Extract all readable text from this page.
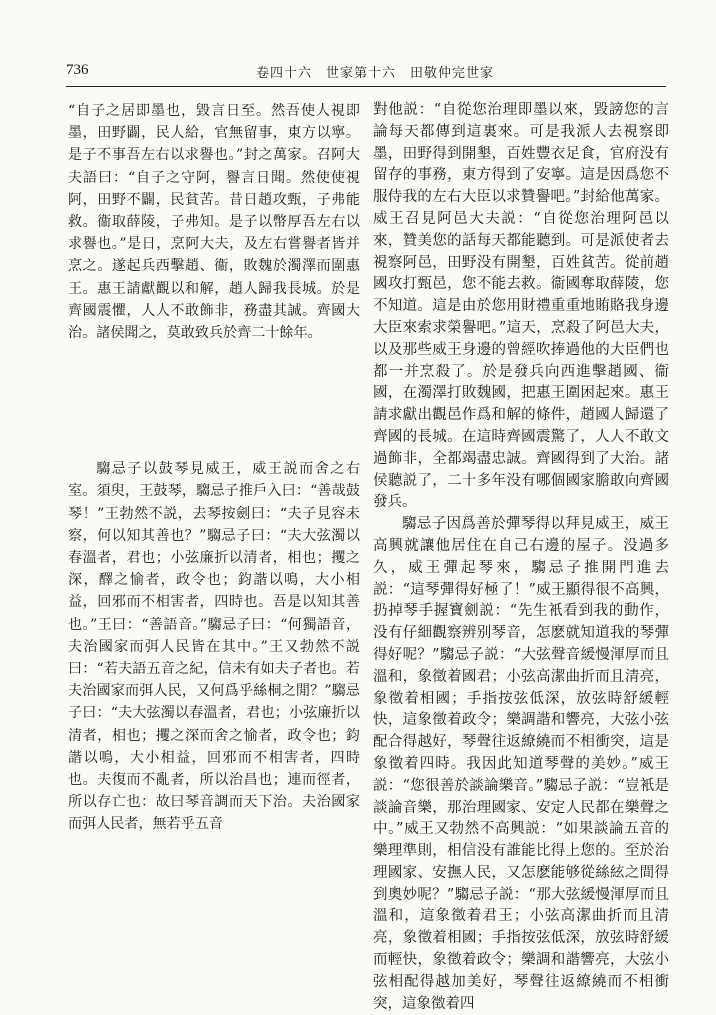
736	卷四十六　世家第十六　田敬仲完世家

“自子之居即墨也，毀言日至。然吾使人視即墨，田野闢，民人給，官無留事，東方以寧。是子不事吾左右以求譽也。”封之萬家。召阿大夫語曰：“自子之守阿，譽言日聞。然使使視阿，田野不闢，民貧苦。昔日趙攻甄，子弗能救。衞取薛陵，子弗知。是子以幣厚吾左右以求譽也。”是日，烹阿大夫，及左右嘗譽者皆并烹之。遂起兵西擊趙、衞，敗魏於濁澤而圍惠王。惠王請獻觀以和解，趙人歸我長城。於是齊國震懼，人人不敢飾非，務盡其誠。齊國大治。諸侯聞之，莫敢致兵於齊二十餘年。

騶忌子以鼓琴見威王，威王説而舍之右室。須臾，王鼓琴，騶忌子推戶入曰：“善哉鼓琴！”王勃然不説，去琴按劍曰：“夫子見容未察，何以知其善也？”騶忌子曰：“夫大弦濁以春溫者，君也；小弦廉折以清者，相也；攫之深，醳之愉者，政令也；鈞諧以鳴，大小相益，回邪而不相害者，四時也。吾是以知其善也。”王曰：“善語音。”騶忌子曰：“何獨語音，夫治國家而弭人民皆在其中。”王又勃然不説曰：“若夫語五音之紀，信未有如夫子者也。若夫治國家而弭人民，又何爲乎絲桐之閒？”騶忌子曰：“夫大弦濁以春溫者，君也；小弦廉折以清者，相也；攫之深而舍之愉者，政令也；鈞諧以鳴，大小相益，回邪而不相害者，四時也。夫復而不亂者，所以治昌也；連而徑者，所以存亡也：故曰琴音調而天下治。夫治國家而弭人民者，無若乎五音

對他説：“自從您治理即墨以來，毀謗您的言論每天都傳到這裏來。可是我派人去視察即墨，田野得到開墾，百姓豐衣足食，官府没有留存的事務，東方得到了安寧。這是因爲您不服侍我的左右大臣以求贊譽吧。”封給他萬家。威王召見阿邑大夫説：“自從您治理阿邑以來，贊美您的話每天都能聽到。可是派使者去視察阿邑，田野没有開墾，百姓貧苦。從前趙國攻打甄邑，您不能去救。衞國奪取薛陵，您不知道。這是由於您用財禮重重地賄賂我身邊大臣來索求榮譽吧。”這天，烹殺了阿邑大夫，以及那些威王身邊的曾經吹捧過他的大臣們也都一并烹殺了。於是發兵向西進擊趙國、衞國，在濁澤打敗魏國，把惠王圍困起來。惠王請求獻出觀邑作爲和解的條件，趙國人歸還了齊國的長城。在這時齊國震驚了，人人不敢文過飾非，全都竭盡忠誠。齊國得到了大治。諸侯聽説了，二十多年没有哪個國家膽敢向齊國發兵。

騶忌子因爲善於彈琴得以拜見威王，威王高興就讓他居住在自己右邊的屋子。没過多久，威王彈起琴來，騶忌子推開門進去説：“這琴彈得好極了！”威王顯得很不高興，扔掉琴手握寶劍説：“先生衹看到我的動作，没有仔細觀察辨别琴音，怎麽就知道我的琴彈得好呢？”騶忌子説：“大弦聲音緩慢渾厚而且溫和，象徵着國君；小弦高潔曲折而且清亮，象徵着相國；手指按弦低深，放弦時舒緩輕快，這象徵着政令；樂調諧和響亮，大弦小弦配合得越好，琴聲往返繚繞而不相衝突，這是象徵着四時。我因此知道琴聲的美妙。”威王説：“您很善於談論樂音。”騶忌子説：“豈衹是談論音樂，那治理國家、安定人民都在樂聲之中。”威王又勃然不高興説：“如果談論五音的樂理準則，相信没有誰能比得上您的。至於治理國家、安撫人民，又怎麽能够從絲絃之間得到奧妙呢？”騶忌子説：“那大弦緩慢渾厚而且溫和，這象徵着君王；小弦高潔曲折而且清亮，象徵着相國；手指按弦低深，放弦時舒緩而輕快，象徵着政令；樂調和諧響亮，大弦小弦相配得越加美好，琴聲往返繚繞而不相衝突，這象徵着四
